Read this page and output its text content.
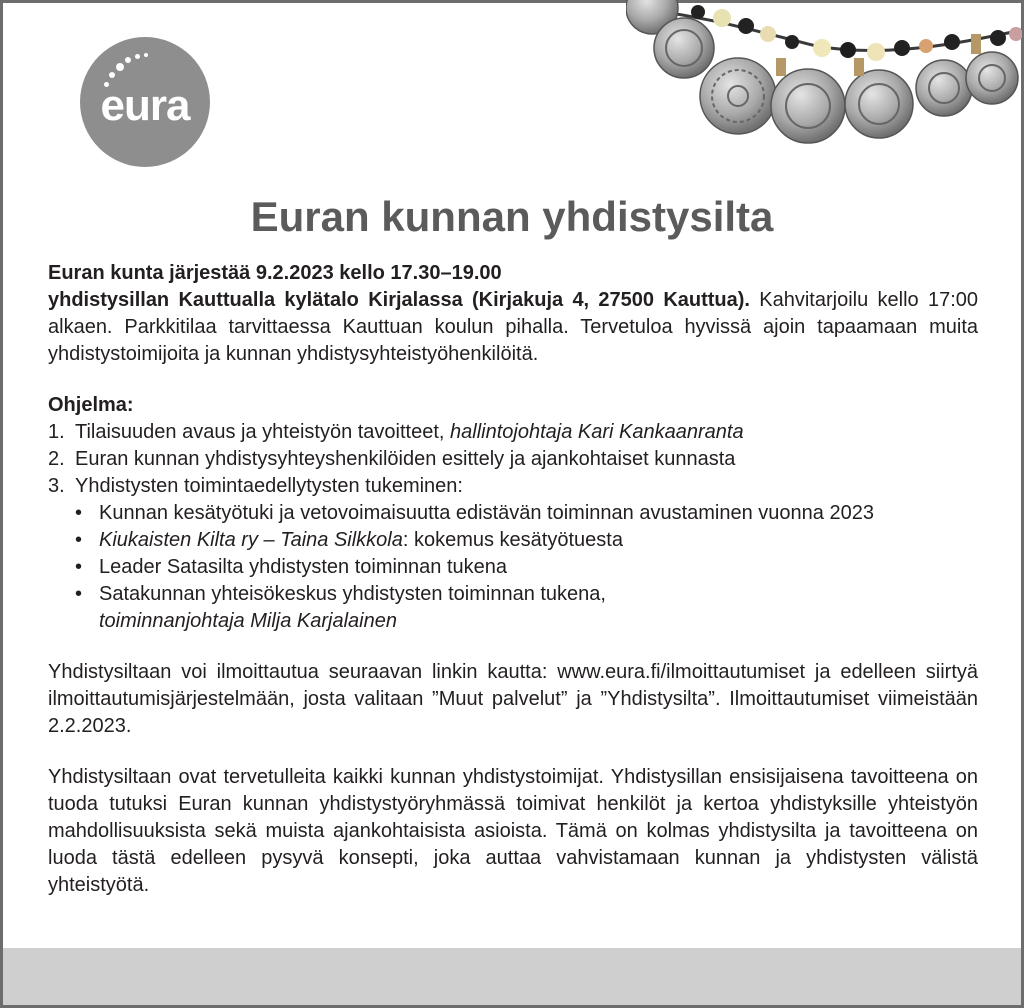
eura
Euran kunnan yhdistysilta

Euran kunta järjestää 9.2.2023 kello 17.30–19.00

yhdistysillan Kauttualla kylätalo Kirjalassa (Kirjakuja 4, 27500 Kauttua). Kahvitarjoilu kello 17:00 alkaen. Parkkitilaa tarvittaessa Kauttuan koulun pihalla. Tervetuloa hyvissä ajoin tapaamaan muita yhdistystoimijoita ja kunnan yhdistysyhteistyöhenkilöitä.

Ohjelma:

1. Tilaisuuden avaus ja yhteistyön tavoitteet, hallintojohtaja Kari Kankaanranta

2. Euran kunnan yhdistysyhteyshenkilöiden esittely ja ajankohtaiset kunnasta

3. Yhdistysten toimintaedellytysten tukeminen:

• Kunnan kesätyötuki ja vetovoimaisuutta edistävän toiminnan avustaminen vuonna 2023

• Kiukaisten Kilta ry – Taina Silkkola: kokemus kesätyötuesta

• Leader Satasilta yhdistysten toiminnan tukena

• Satakunnan yhteisökeskus yhdistysten toiminnan tukena,
toiminnanjohtaja Milja Karjalainen

Yhdistysiltaan voi ilmoittautua seuraavan linkin kautta: www.eura.fi/ilmoittautumiset ja edelleen siirtyä ilmoittautumisjärjestelmään, josta valitaan ”Muut palvelut” ja ”Yhdistysilta”. Ilmoittautumiset viimeistään 2.2.2023.

Yhdistysiltaan ovat tervetulleita kaikki kunnan yhdistystoimijat. Yhdistysillan ensisijaisena tavoitteena on tuoda tutuksi Euran kunnan yhdistystyöryhmässä toimivat henkilöt ja kertoa yhdistyksille yhteistyön mahdollisuuksista sekä muista ajankohtaisista asioista. Tämä on kolmas yhdistysilta ja tavoitteena on luoda tästä edelleen pysyvä konsepti, joka auttaa vahvistamaan kunnan ja yhdistysten välistä yhteistyötä.
